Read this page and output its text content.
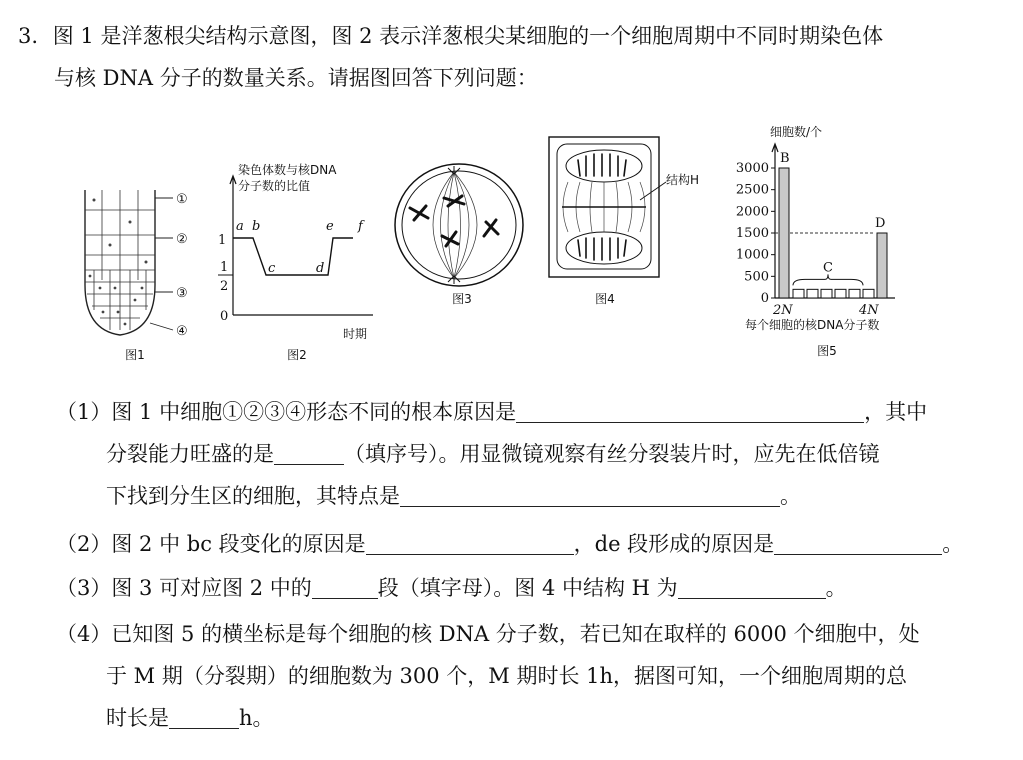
3. 图 1 是洋葱根尖结构示意图，图 2 表示洋葱根尖某细胞的一个细胞周期中不同时期染色体
与核 DNA 分子的数量关系。请据图回答下列问题：
①
②
③
④
图1
染色体数与核DNA
分子数的比值
1
1
2
0
a b
c	d
e f
时期
图2
图3
结构H
图4
细胞数/个
0
500
1000
1500
2000
2500
3000
B
C
D
2N	4N
每个细胞的核DNA分子数
图5
（1）图 1 中细胞①②③④形态不同的根本原因是	，其中
分裂能力旺盛的是	（填序号）。用显微镜观察有丝分裂装片时，应先在低倍镜
下找到分生区的细胞，其特点是	。
（2）图 2 中 bc 段变化的原因是	，de 段形成的原因是	。
（3）图 3 可对应图 2 中的	段（填字母）。图 4 中结构 H 为	。
（4）已知图 5 的横坐标是每个细胞的核 DNA 分子数，若已知在取样的 6000 个细胞中，处
于 M 期（分裂期）的细胞数为 300 个，M 期时长 1h，据图可知，一个细胞周期的总
时长是	h。
